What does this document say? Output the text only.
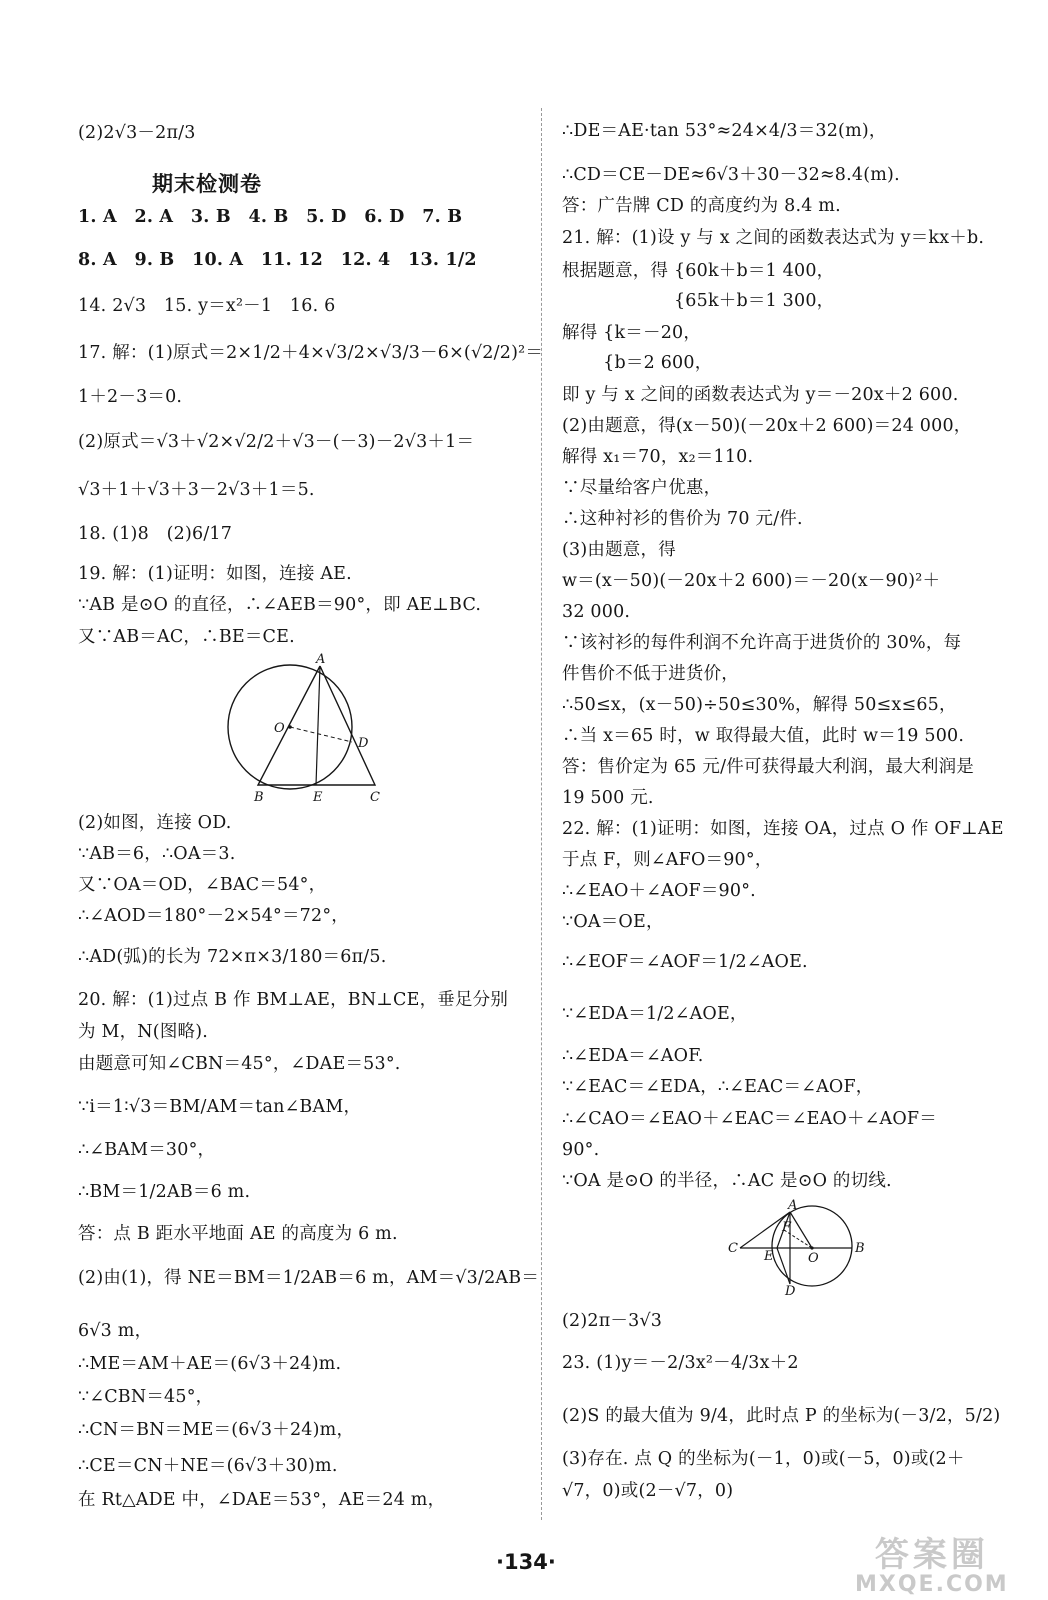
期末检测卷
(2)2√3－2π/3
1. A　2. A　3. B　4. B　5. D　6. D　7. B
8. A　9. B　10. A　11. 12　12. 4　13. 1/2
14. 2√3　15. y＝x²－1　16. 6
17. 解：(1)原式＝2×1/2＋4×√3/2×√3/3－6×(√2/2)²＝
1＋2－3＝0.
(2)原式＝√3＋√2×√2/2＋√3－(－3)－2√3＋1＝
√3＋1＋√3＋3－2√3＋1＝5.
18. (1)8　(2)6/17
19. 解：(1)证明：如图，连接 AE.
∵AB 是⊙O 的直径，∴∠AEB＝90°，即 AE⊥BC.
又∵AB＝AC，∴BE＝CE.
(2)如图，连接 OD.
∵AB＝6，∴OA＝3.
又∵OA＝OD，∠BAC＝54°，
∴∠AOD＝180°－2×54°＝72°，
∴AD(弧)的长为 72×π×3/180＝6π/5.
20. 解：(1)过点 B 作 BM⊥AE，BN⊥CE，垂足分别
为 M，N(图略).
由题意可知∠CBN＝45°，∠DAE＝53°.
∵i＝1∶√3＝BM/AM＝tan∠BAM，
∴∠BAM＝30°，
∴BM＝1/2AB＝6 m.
答：点 B 距水平地面 AE 的高度为 6 m.
(2)由(1)，得 NE＝BM＝1/2AB＝6 m，AM＝√3/2AB＝
6√3 m，
∴ME＝AM＋AE＝(6√3＋24)m.
∵∠CBN＝45°，
∴CN＝BN＝ME＝(6√3＋24)m，
∴CE＝CN＋NE＝(6√3＋30)m.
在 Rt△ADE 中，∠DAE＝53°，AE＝24 m，
A
O
D
B	E	C
∴DE＝AE·tan 53°≈24×4/3＝32(m)，
∴CD＝CE－DE≈6√3＋30－32≈8.4(m).
答：广告牌 CD 的高度约为 8.4 m.
21. 解：(1)设 y 与 x 之间的函数表达式为 y＝kx＋b.
根据题意，得 {60k＋b＝1 400，
　　　　　　 {65k＋b＝1 300，
解得 {k＝－20，
　　 {b＝2 600，
即 y 与 x 之间的函数表达式为 y＝－20x＋2 600.
(2)由题意，得(x－50)(－20x＋2 600)＝24 000，
解得 x₁＝70，x₂＝110.
∵尽量给客户优惠，
∴这种衬衫的售价为 70 元/件.
(3)由题意，得
w＝(x－50)(－20x＋2 600)＝－20(x－90)²＋
32 000.
∵该衬衫的每件利润不允许高于进货价的 30%，每
件售价不低于进货价，
∴50≤x，(x－50)÷50≤30%，解得 50≤x≤65，
∴当 x＝65 时，w 取得最大值，此时 w＝19 500.
答：售价定为 65 元/件可获得最大利润，最大利润是
19 500 元.
22. 解：(1)证明：如图，连接 OA，过点 O 作 OF⊥AE
于点 F，则∠AFO＝90°，
∴∠EAO＋∠AOF＝90°.
∵OA＝OE，
∴∠EOF＝∠AOF＝1/2∠AOE.
∵∠EDA＝1/2∠AOE，
∴∠EDA＝∠AOF.
∵∠EAC＝∠EDA，∴∠EAC＝∠AOF，
∴∠CAO＝∠EAO＋∠EAC＝∠EAO＋∠AOF＝
90°.
∵OA 是⊙O 的半径，∴AC 是⊙O 的切线.
(2)2π－3√3
23. (1)y＝－2/3x²－4/3x＋2
(2)S 的最大值为 9/4，此时点 P 的坐标为(－3/2，5/2)
(3)存在. 点 Q 的坐标为(－1，0)或(－5，0)或(2＋
√7，0)或(2－√7，0)
A
F
C
E	O
B
D
·134·	答案圈
MXQE.COM
